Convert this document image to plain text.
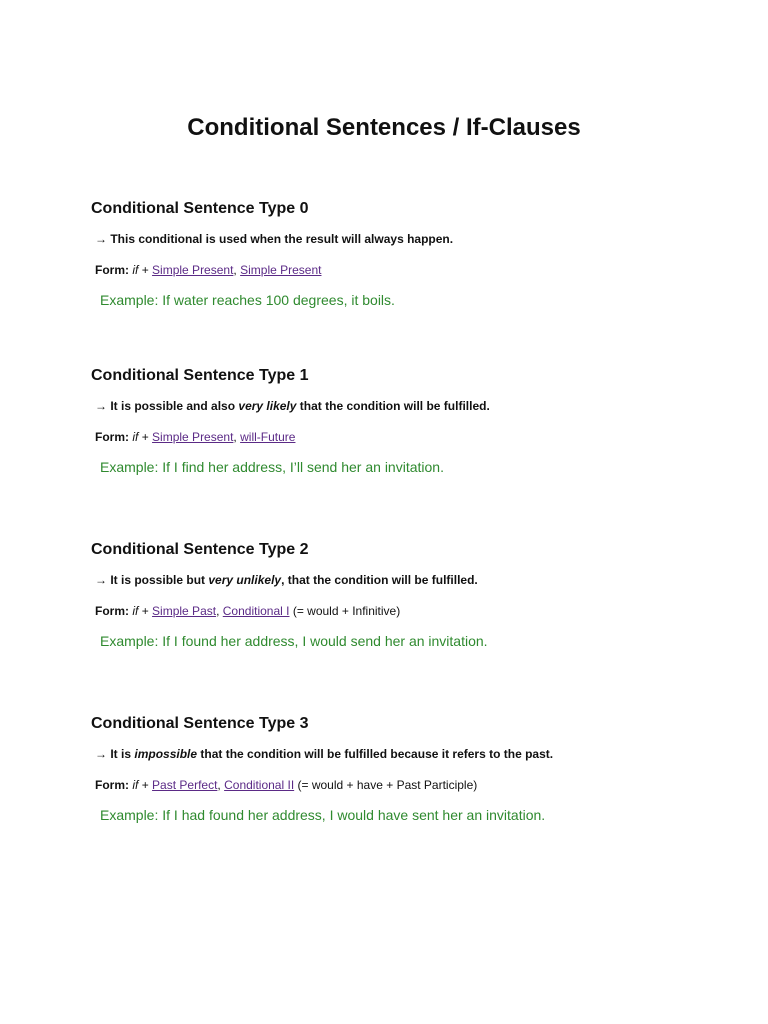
Conditional Sentences / If-Clauses
Conditional Sentence Type 0
→ This conditional is used when the result will always happen.
Form: if + Simple Present, Simple Present
Example: If water reaches 100 degrees, it boils.
Conditional Sentence Type 1
→ It is possible and also very likely that the condition will be fulfilled.
Form: if + Simple Present, will-Future
Example: If I find her address, I’ll send her an invitation.
Conditional Sentence Type 2
→ It is possible but very unlikely, that the condition will be fulfilled.
Form: if + Simple Past, Conditional I (= would + Infinitive)
Example: If I found her address, I would send her an invitation.
Conditional Sentence Type 3
→ It is impossible that the condition will be fulfilled because it refers to the past.
Form: if + Past Perfect, Conditional II (= would + have + Past Participle)
Example: If I had found her address, I would have sent her an invitation.
